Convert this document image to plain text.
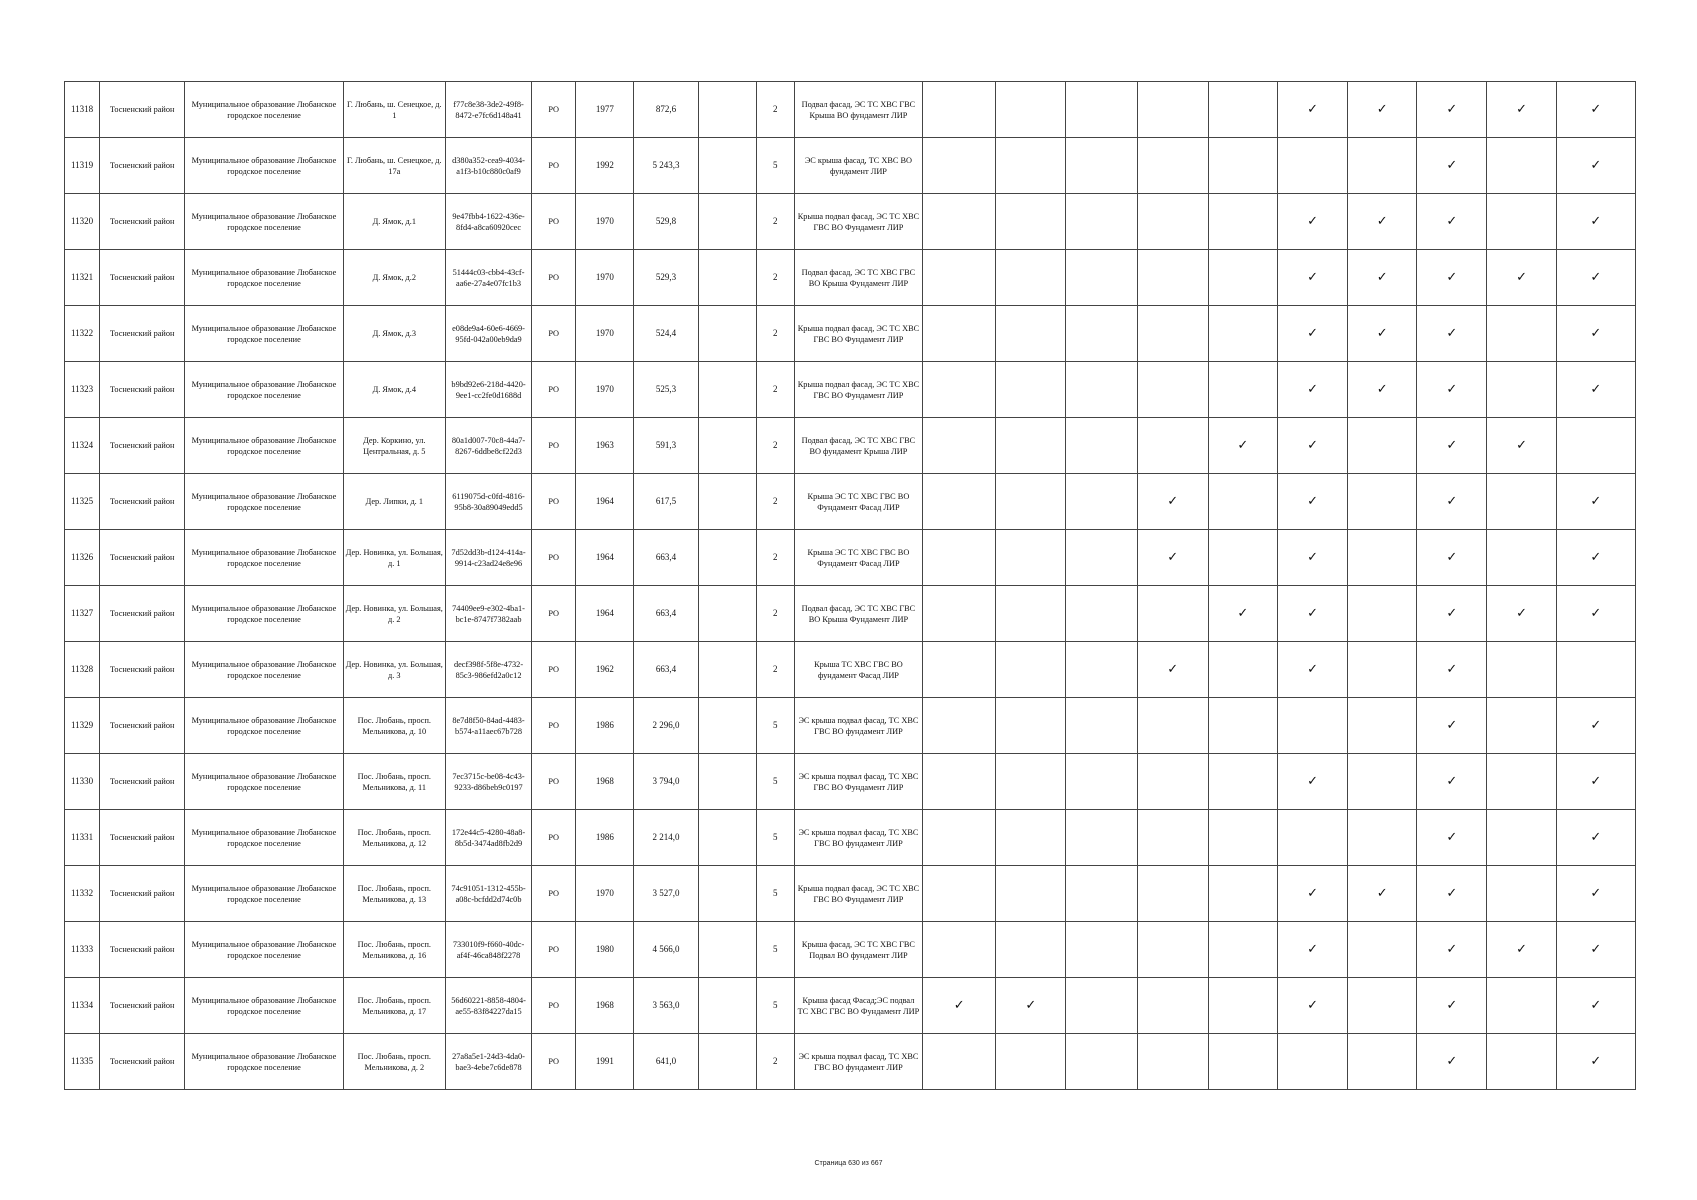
11318	Тосненский район	Муниципальное образование Любанское городское поселение	Г. Любань, ш. Сенецкое, д. 1	f77c8e38-3de2-49f8-8472-e7fc6d148a41	РО	1977	872,6		2	Подвал фасад, ЭС ТС ХВС ГВС Крыша ВО фундамент ЛИР						✓	✓	✓	✓	✓
11319	Тосненский район	Муниципальное образование Любанское городское поселение	Г. Любань, ш. Сенецкое, д. 17а	d380a352-cea9-4034-a1f3-b10c880c0af9	РО	1992	5 243,3		5	ЭС крыша фасад, ТС ХВС ВО фундамент ЛИР								✓		✓
11320	Тосненский район	Муниципальное образование Любанское городское поселение	Д. Ямок, д.1	9e47fbb4-1622-436e-8fd4-a8ca60920cec	РО	1970	529,8		2	Крыша подвал фасад, ЭС ТС ХВС ГВС ВО Фундамент ЛИР						✓	✓	✓		✓
11321	Тосненский район	Муниципальное образование Любанское городское поселение	Д. Ямок, д.2	51444c03-cbb4-43cf-aa6e-27a4e07fc1b3	РО	1970	529,3		2	Подвал фасад, ЭС ТС ХВС ГВС ВО Крыша Фундамент ЛИР						✓	✓	✓	✓	✓
11322	Тосненский район	Муниципальное образование Любанское городское поселение	Д. Ямок, д.3	e08de9a4-60e6-4669-95fd-042a00eb9da9	РО	1970	524,4		2	Крыша подвал фасад, ЭС ТС ХВС ГВС ВО Фундамент ЛИР						✓	✓	✓		✓
11323	Тосненский район	Муниципальное образование Любанское городское поселение	Д. Ямок, д.4	b9bd92e6-218d-4420-9ee1-cc2fe0d1688d	РО	1970	525,3		2	Крыша подвал фасад, ЭС ТС ХВС ГВС ВО Фундамент ЛИР						✓	✓	✓		✓
11324	Тосненский район	Муниципальное образование Любанское городское поселение	Дер. Коркино, ул. Центральная, д. 5	80a1d007-70c8-44a7-8267-6ddbe8cf22d3	РО	1963	591,3		2	Подвал фасад, ЭС ТС ХВС ГВС ВО фундамент Крыша ЛИР					✓	✓		✓	✓	
11325	Тосненский район	Муниципальное образование Любанское городское поселение	Дер. Липки, д. 1	6119075d-c0fd-4816-95b8-30a89049edd5	РО	1964	617,5		2	Крыша ЭС ТС ХВС ГВС ВО Фундамент Фасад ЛИР				✓		✓		✓		✓
11326	Тосненский район	Муниципальное образование Любанское городское поселение	Дер. Новинка, ул. Большая, д. 1	7d52dd3b-d124-414a-9914-c23ad24e8e96	РО	1964	663,4		2	Крыша ЭС ТС ХВС ГВС ВО Фундамент Фасад ЛИР				✓		✓		✓		✓
11327	Тосненский район	Муниципальное образование Любанское городское поселение	Дер. Новинка, ул. Большая, д. 2	74409ee9-e302-4ba1-bc1e-8747f7382aab	РО	1964	663,4		2	Подвал фасад, ЭС ТС ХВС ГВС ВО Крыша Фундамент ЛИР					✓	✓		✓	✓	✓
11328	Тосненский район	Муниципальное образование Любанское городское поселение	Дер. Новинка, ул. Большая, д. 3	decf398f-5f8e-4732-85c3-986efd2a0c12	РО	1962	663,4		2	Крыша ТС ХВС ГВС ВО фундамент Фасад ЛИР				✓		✓		✓		
11329	Тосненский район	Муниципальное образование Любанское городское поселение	Пос. Любань, просп. Мельникова, д. 10	8e7d8f50-84ad-4483-b574-a11aec67b728	РО	1986	2 296,0		5	ЭС крыша подвал фасад, ТС ХВС ГВС ВО фундамент ЛИР								✓		✓
11330	Тосненский район	Муниципальное образование Любанское городское поселение	Пос. Любань, просп. Мельникова, д. 11	7ec3715c-be08-4c43-9233-d86beb9c0197	РО	1968	3 794,0		5	ЭС крыша подвал фасад, ТС ХВС ГВС ВО Фундамент ЛИР						✓		✓		✓
11331	Тосненский район	Муниципальное образование Любанское городское поселение	Пос. Любань, просп. Мельникова, д. 12	172e44c5-4280-48a8-8b5d-3474ad8fb2d9	РО	1986	2 214,0		5	ЭС крыша подвал фасад, ТС ХВС ГВС ВО фундамент ЛИР								✓		✓
11332	Тосненский район	Муниципальное образование Любанское городское поселение	Пос. Любань, просп. Мельникова, д. 13	74c91051-1312-455b-a08c-bcfdd2d74c0b	РО	1970	3 527,0		5	Крыша подвал фасад, ЭС ТС ХВС ГВС ВО Фундамент ЛИР						✓	✓	✓		✓
11333	Тосненский район	Муниципальное образование Любанское городское поселение	Пос. Любань, просп. Мельникова, д. 16	733010f9-f660-40dc-af4f-46ca848f2278	РО	1980	4 566,0		5	Крыша фасад, ЭС ТС ХВС ГВС Подвал ВО фундамент ЛИР						✓		✓	✓	✓
11334	Тосненский район	Муниципальное образование Любанское городское поселение	Пос. Любань, просп. Мельникова, д. 17	56d60221-8858-4804-ae55-83f84227da15	РО	1968	3 563,0		5	Крыша фасад Фасад;ЭС подвал ТС ХВС ГВС ВО Фундамент ЛИР	✓	✓				✓		✓		✓
11335	Тосненский район	Муниципальное образование Любанское городское поселение	Пос. Любань, просп. Мельникова, д. 2	27a8a5e1-24d3-4da0-bae3-4ebe7c6de878	РО	1991	641,0		2	ЭС крыша подвал фасад, ТС ХВС ГВС ВО фундамент ЛИР								✓		✓
Страница 630 из 667
